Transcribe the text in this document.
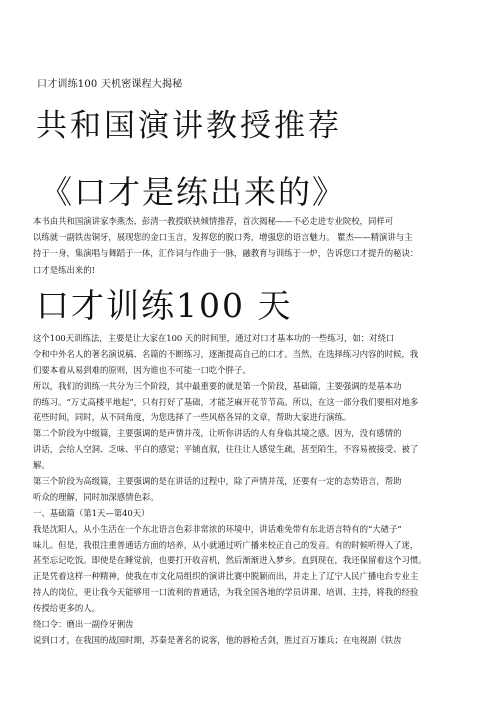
口才训练100 天机密课程大揭秘
共和国演讲教授推荐
《口才是练出来的》
本书由共和国演讲家李燕杰、彭清一教授联袂倾情推荐，首次揭秘——不必走进专业院校，同样可
以练就一副铁齿铜牙，展现您的金口玉言，发挥您的脱口秀，增强您的语言魅力。 瞿杰——精演讲与主
持于一身，集演唱与舞蹈于一体，汇作词与作曲于一脉，融教育与训练于一炉，告诉您口才提升的秘诀：
口才是练出来的!
口才训练100 天
这个100天训练法，主要是让大家在100 天的时间里，通过对口才基本功的一些练习，如：对绕口
令和中外名人的著名演说稿、名篇的不断练习，逐渐提高自己的口才。当然，在选择练习内容的时候，我
们要本着从易到难的原则，因为谁也不可能一口吃个胖子。
所以，我们的训练一共分为三个阶段，其中最重要的就是第一个阶段，基础篇，主要强调的是基本功
的练习。“万丈高楼平地起”，只有打好了基础，才能芝麻开花节节高。所以，在这一部分我们要相对地多
花些时间，同时，从不同角度，为您选择了一些风格各异的文章，帮助大家进行演练。
第二个阶段为中级篇，主要强调的是声情并茂，让听你讲话的人有身临其境之感。因为，没有感情的
讲话，会给人空洞、乏味、平白的感觉；平铺直叙，往往让人感觉生疏，甚至陌生，不容易被接受、被了
解。
第三个阶段为高级篇，主要强调的是在讲话的过程中，除了声情并茂，还要有一定的态势语言，帮助
听众的理解，同时加深感情色彩。
一、基础篇（第1天—第40天）
我是沈阳人，从小生活在一个东北语言色彩非常浓的环境中，讲话难免带有东北语言特有的“大碴子”
味儿。但是，我很注重普通话方面的培养，从小就通过听广播来校正自己的发音。有的时候听得入了迷，
甚至忘记吃饭。即使是在睡觉前，也要打开收音机，然后渐渐进入梦乡。直到现在，我还保留着这个习惯。
正是凭着这样一种精神，使我在市文化局组织的演讲比赛中脱颖而出，并走上了辽宁人民广播电台专业主
持人的岗位，更让我今天能够用一口流利的普通话，为我全国各地的学员讲课、培训、主持，将我的经验
传授给更多的人。
绕口令：磨出一副伶牙俐齿
说到口才，在我国的战国时期，苏秦是著名的说客，他的唇枪舌剑，胜过百万雄兵；在电视剧《铁齿
